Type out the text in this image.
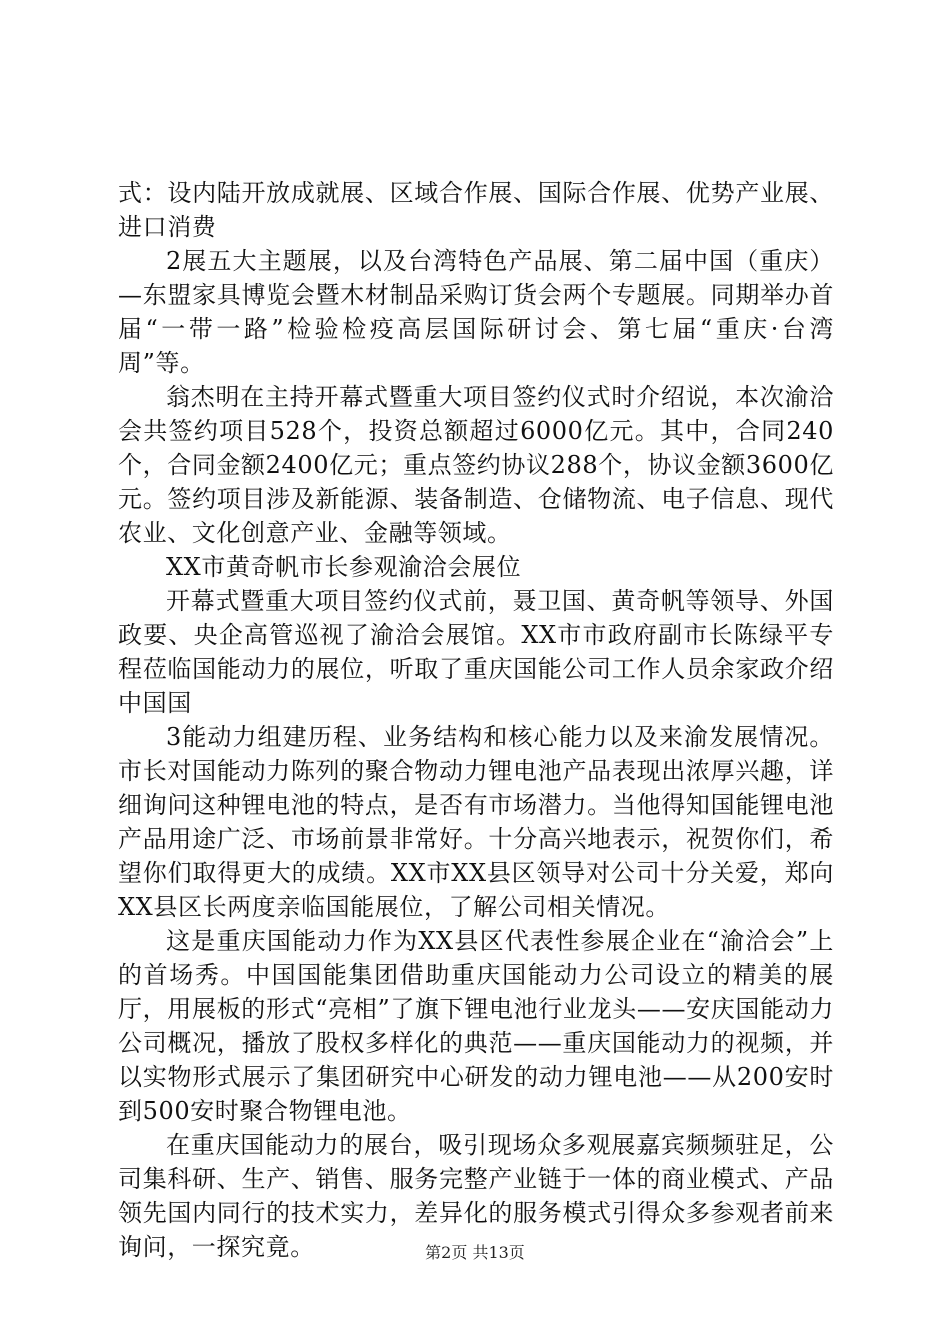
式：设内陆开放成就展、区域合作展、国际合作展、优势产业展、进口消费

2展五大主题展，以及台湾特色产品展、第二届中国（重庆）—东盟家具博览会暨木材制品采购订货会两个专题展。同期举办首届“一带一路”检验检疫高层国际研讨会、第七届“重庆·台湾周”等。

翁杰明在主持开幕式暨重大项目签约仪式时介绍说，本次渝洽会共签约项目528个，投资总额超过6000亿元。其中，合同240个，合同金额2400亿元；重点签约协议288个，协议金额3600亿元。签约项目涉及新能源、装备制造、仓储物流、电子信息、现代农业、文化创意产业、金融等领域。

XX市黄奇帆市长参观渝洽会展位

开幕式暨重大项目签约仪式前，聂卫国、黄奇帆等领导、外国政要、央企高管巡视了渝洽会展馆。XX市市政府副市长陈绿平专程莅临国能动力的展位，听取了重庆国能公司工作人员余家政介绍中国国

3能动力组建历程、业务结构和核心能力以及来渝发展情况。市长对国能动力陈列的聚合物动力锂电池产品表现出浓厚兴趣，详细询问这种锂电池的特点，是否有市场潜力。当他得知国能锂电池产品用途广泛、市场前景非常好。十分高兴地表示，祝贺你们，希望你们取得更大的成绩。XX市XX县区领导对公司十分关爱，郑向XX县区长两度亲临国能展位，了解公司相关情况。

这是重庆国能动力作为XX县区代表性参展企业在“渝洽会”上的首场秀。中国国能集团借助重庆国能动力公司设立的精美的展厅，用展板的形式“亮相”了旗下锂电池行业龙头——安庆国能动力公司概况，播放了股权多样化的典范——重庆国能动力的视频，并以实物形式展示了集团研究中心研发的动力锂电池——从200安时到500安时聚合物锂电池。

在重庆国能动力的展台，吸引现场众多观展嘉宾频频驻足，公司集科研、生产、销售、服务完整产业链于一体的商业模式、产品领先国内同行的技术实力，差异化的服务模式引得众多参观者前来询问，一探究竟。	第2页 共13页
